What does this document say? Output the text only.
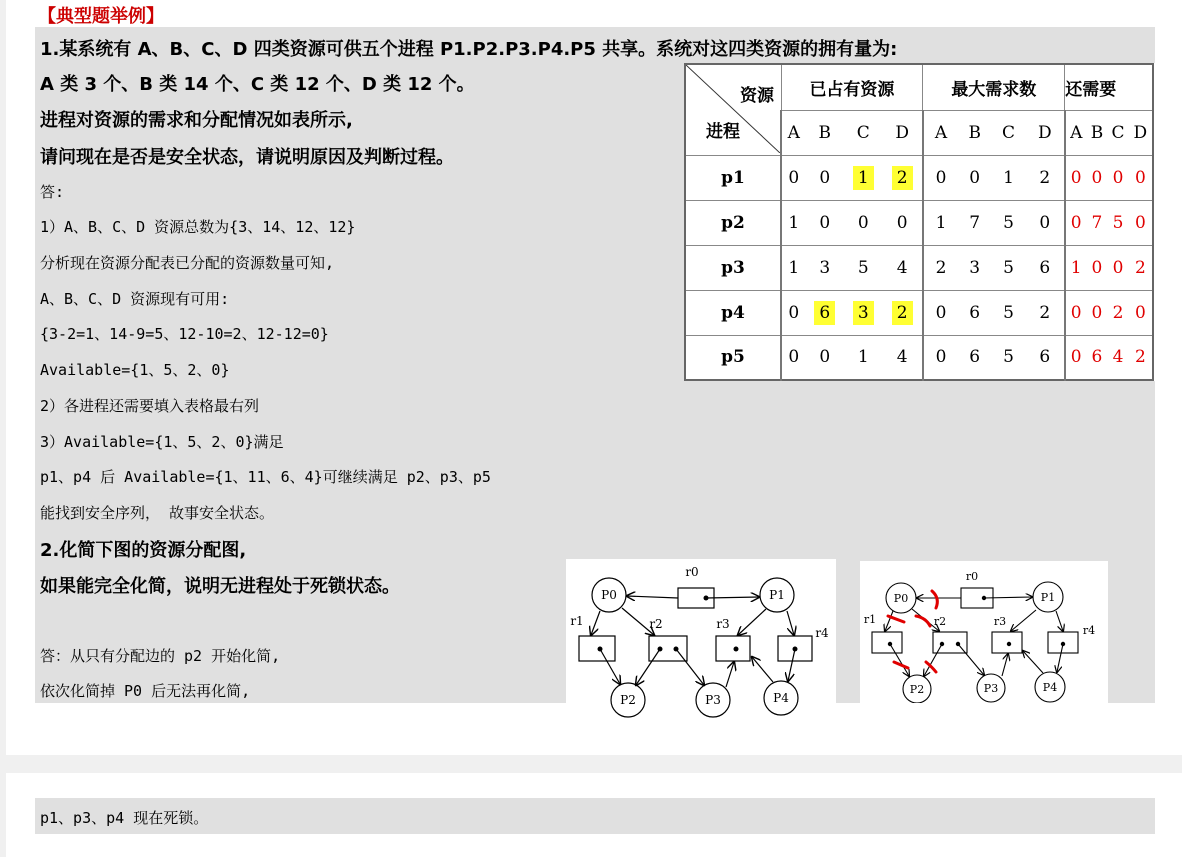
【典型题举例】
1.某系统有 A、B、C、D 四类资源可供五个进程 P1.P2.P3.P4.P5 共享。系统对这四类资源的拥有量为:
A 类 3 个、B 类 14 个、C 类 12 个、D 类 12 个。
进程对资源的需求和分配情况如表所示,
请问现在是否是安全状态，请说明原因及判断过程。
答:
1）A、B、C、D 资源总数为{3、14、12、12}
分析现在资源分配表已分配的资源数量可知,
A、B、C、D 资源现有可用:
{3-2=1、14-9=5、12-10=2、12-12=0}
Available={1、5、2、0}
2）各进程还需要填入表格最右列
3）Available={1、5、2、0}满足
p1、p4 后 Available={1、11、6、4}可继续满足 p2、p3、p5
能找到安全序列， 故事安全状态。
2.化简下图的资源分配图,
如果能完全化简，说明无进程处于死锁状态。
答：从只有分配边的 p2 开始化简,
依次化简掉 P0 后无法再化简,
p1、p3、p4 现在死锁。
资源
进程	已占有资源				最大需求数				还需要			
	A	B	C	D	A	B	C	D	A	B	C	D
p1	0	0	1	2	0	0	1	2	0	0	0	0
p2	1	0	0	0	1	7	5	0	0	7	5	0
p3	1	3	5	4	2	3	5	6	1	0	0	2
p4	0	6	3	2	0	6	5	2	0	0	2	0
p5	0	0	1	4	0	6	5	6	0	6	4	2
P0	P1
P2	P3	P4
r0
r1	r2	r3
r4
P0	P1
P2	P3	P4
r0
r1	r2	r3
r4
